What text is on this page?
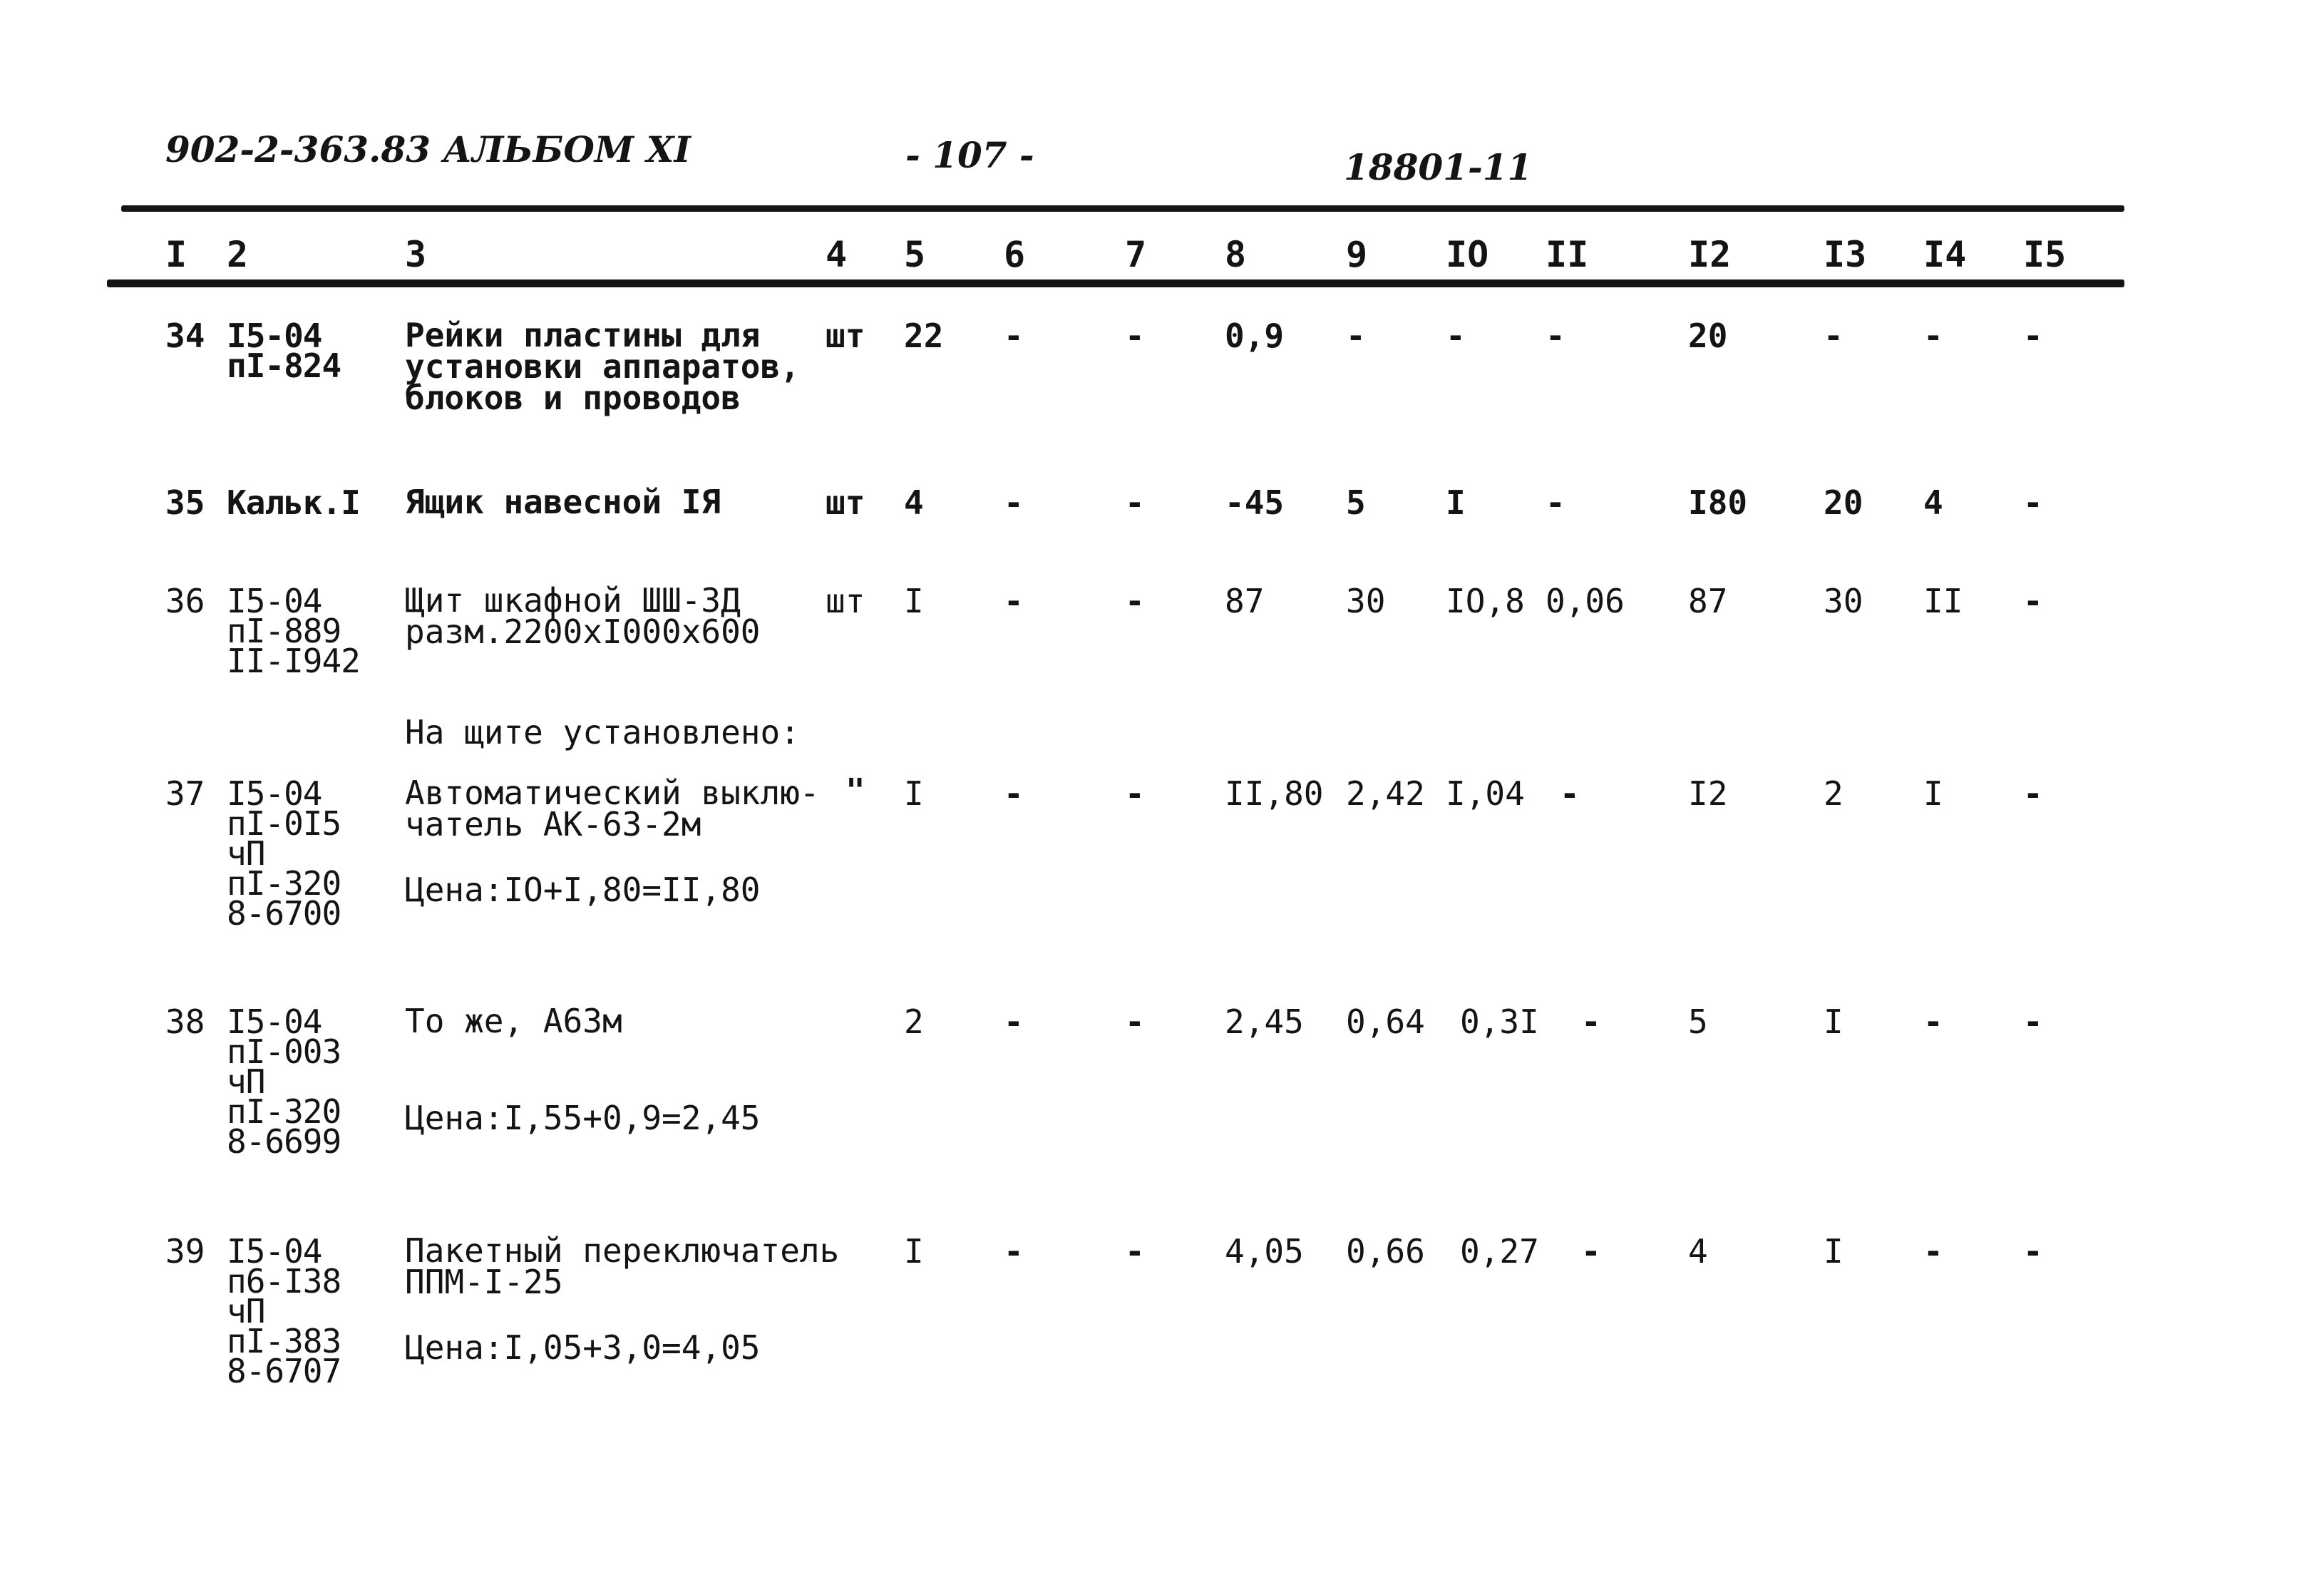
902-2-363.83 АЛЬБОМ XI	- 107 -	18801-11
I 2	3	4 5 6	7 8	9 IO II	I2	I3 I4 I5
34 I5-04
пI-824
Рейки пластины для
установки аппаратов,
блоков и проводов
шт 22 -	- 0,9 - - -	20	- - -
35 Кальк.I Ящик навесной IЯ	шт 4 -	- -45 5 I -	I80 20 4 -
36 I5-04
пI-889
II-I942
Щит шкафной ШШ-3Д
разм.2200хI000х600
шт I -	- 87 30 IO,8 0,06 87	30 II -
На щите установлено:
37 I5-04
пI-0I5
чП
пI-320
8-6700
Автоматический выклю-
чатель АК-63-2м
Цена:IO+I,80=II,80
" I -	- II,80 2,42 I,04 -	I2	2 I -
38 I5-04
пI-003
чП
пI-320
8-6699
То же, А63м
Цена:I,55+0,9=2,45
2 -	- 2,45 0,64 0,3I -	5	I - -
39 I5-04
п6-I38
чП
пI-383
8-6707
Пакетный переключатель
ППМ-I-25
Цена:I,05+3,0=4,05
I -	- 4,05 0,66 0,27 -	4	I - -
